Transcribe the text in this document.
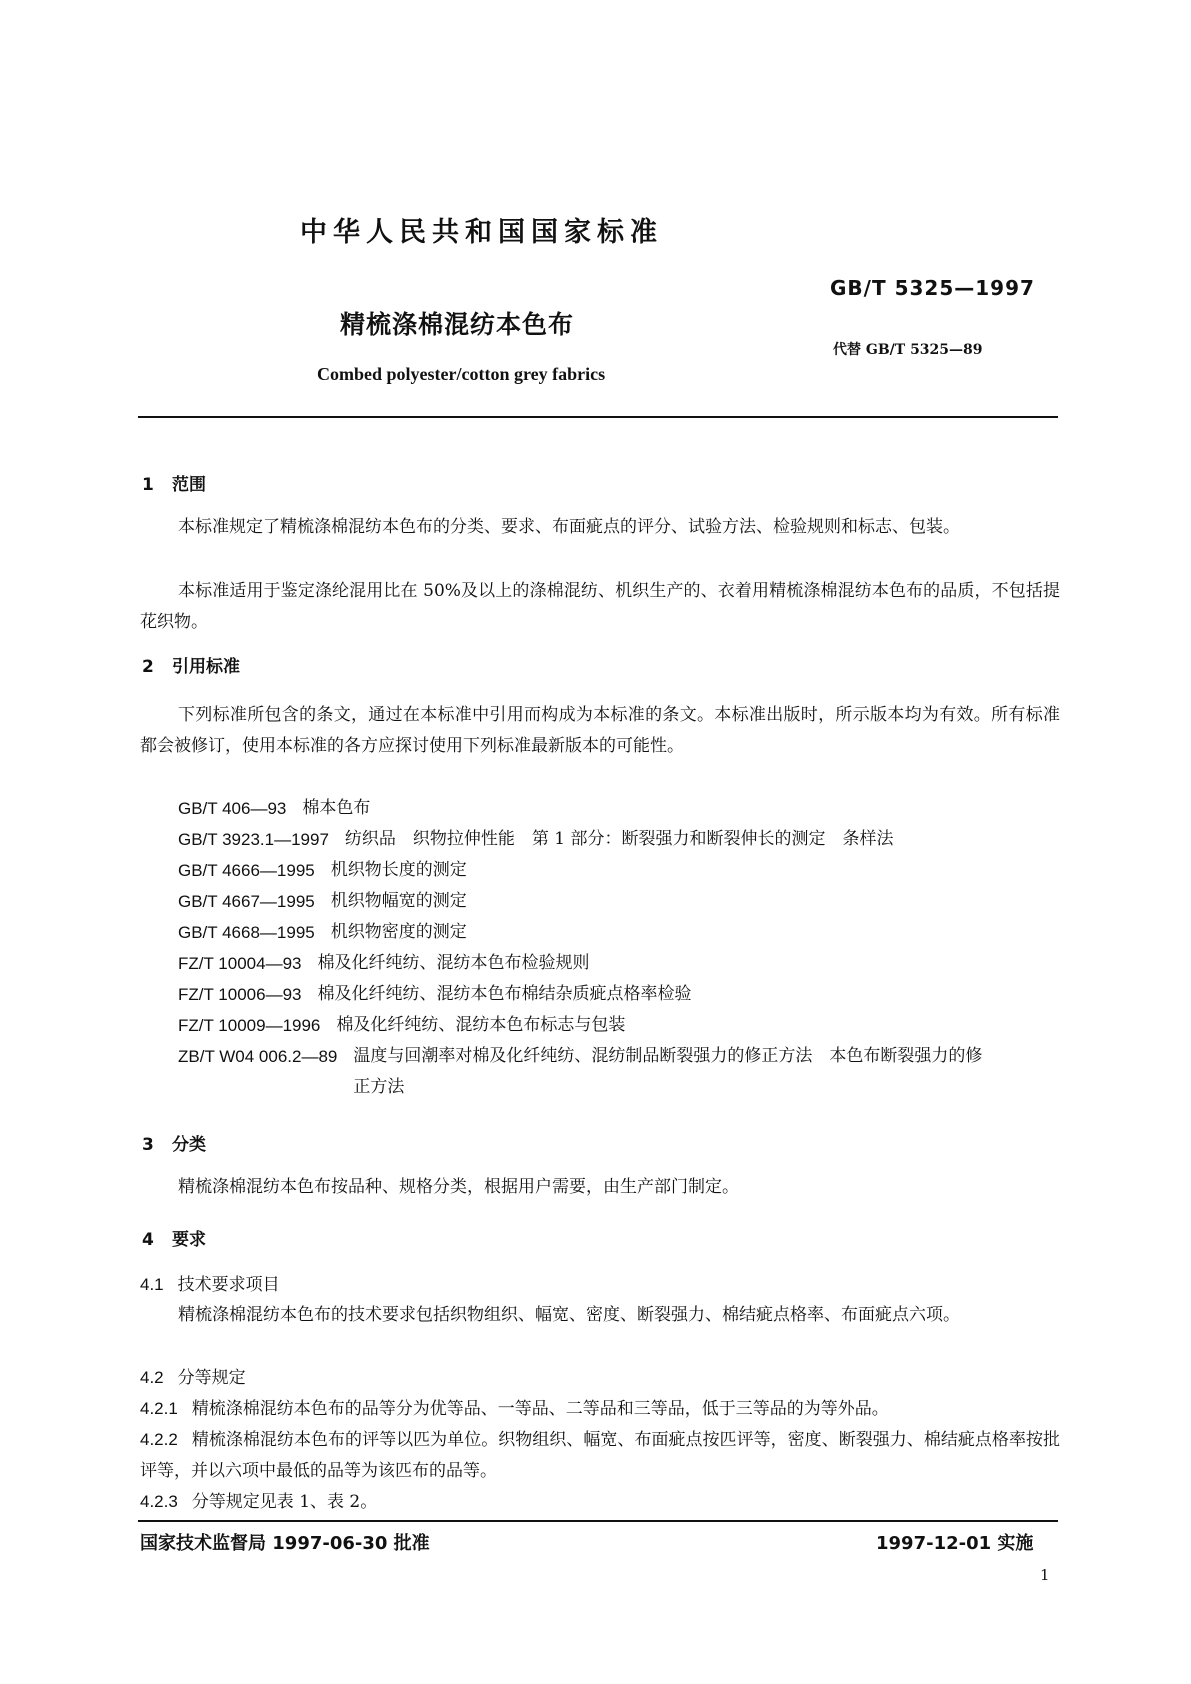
中华人民共和国国家标准
GB/T 5325—1997
精梳涤棉混纺本色布
代替 GB/T 5325—89
Combed polyester/cotton grey fabrics
1 范围
本标准规定了精梳涤棉混纺本色布的分类、要求、布面疵点的评分、试验方法、检验规则和标志、包装。
本标准适用于鉴定涤纶混用比在 50%及以上的涤棉混纺、机织生产的、衣着用精梳涤棉混纺本色布的品质，不包括提花织物。
2 引用标准
下列标准所包含的条文，通过在本标准中引用而构成为本标准的条文。本标准出版时，所示版本均为有效。所有标准都会被修订，使用本标准的各方应探讨使用下列标准最新版本的可能性。
GB/T 406—93 棉本色布
GB/T 3923.1—1997 纺织品　织物拉伸性能　第 1 部分：断裂强力和断裂伸长的测定　条样法
GB/T 4666—1995 机织物长度的测定
GB/T 4667—1995 机织物幅宽的测定
GB/T 4668—1995 机织物密度的测定
FZ/T 10004—93 棉及化纤纯纺、混纺本色布检验规则
FZ/T 10006—93 棉及化纤纯纺、混纺本色布棉结杂质疵点格率检验
FZ/T 10009—1996 棉及化纤纯纺、混纺本色布标志与包装
ZB/T W04 006.2—89 温度与回潮率对棉及化纤纯纺、混纺制品断裂强力的修正方法　本色布断裂强力的修正方法
3 分类
精梳涤棉混纺本色布按品种、规格分类，根据用户需要，由生产部门制定。
4 要求
4.1 技术要求项目
精梳涤棉混纺本色布的技术要求包括织物组织、幅宽、密度、断裂强力、棉结疵点格率、布面疵点六项。
4.2 分等规定
4.2.1 精梳涤棉混纺本色布的品等分为优等品、一等品、二等品和三等品，低于三等品的为等外品。
4.2.2 精梳涤棉混纺本色布的评等以匹为单位。织物组织、幅宽、布面疵点按匹评等，密度、断裂强力、棉结疵点格率按批评等，并以六项中最低的品等为该匹布的品等。
4.2.3 分等规定见表 1、表 2。
国家技术监督局 1997-06-30 批准	1997-12-01 实施
1
